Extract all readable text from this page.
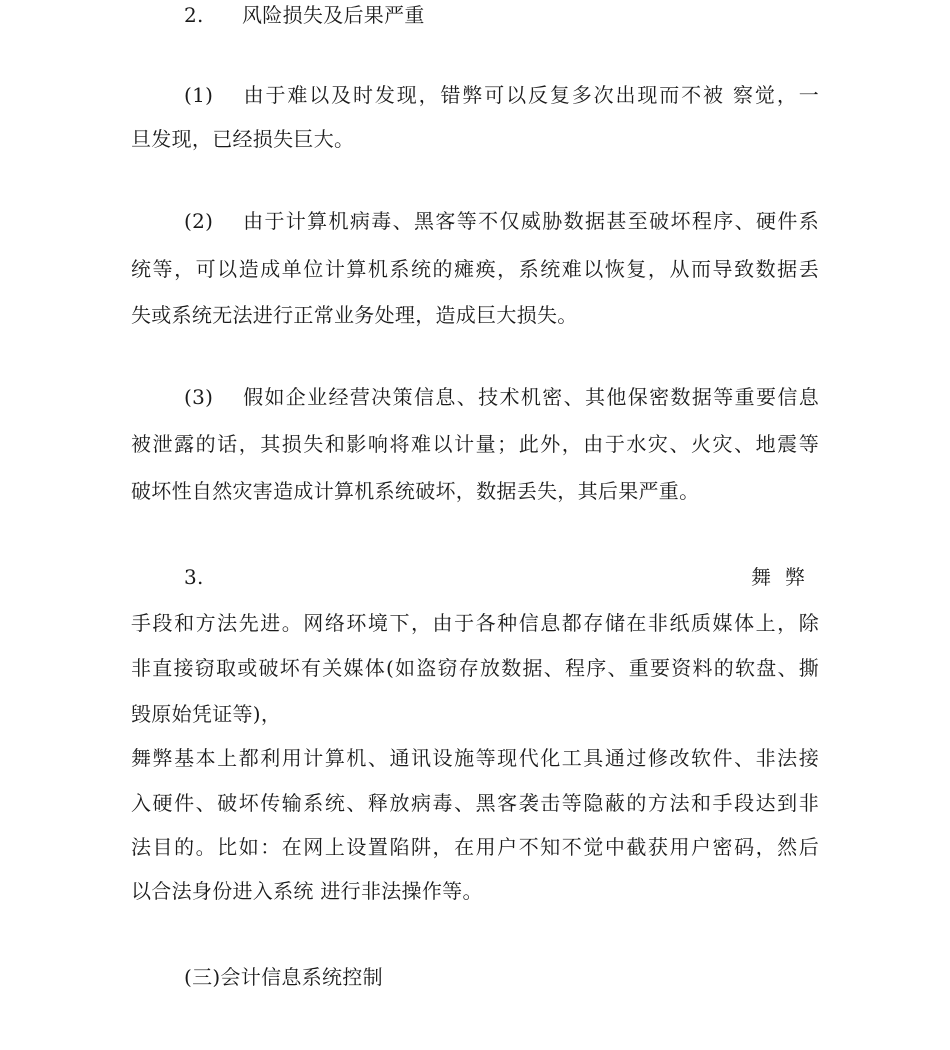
2. 风险损失及后果严重
(1) 由于难以及时发现，错弊可以反复多次出现而不被 察觉，一
旦发现，已经损失巨大。
(2) 由于计算机病毒、黑客等不仅威胁数据甚至破坏程序、硬件系
统等，可以造成单位计算机系统的瘫痪，系统难以恢复，从而导致数据丢
失或系统无法进行正常业务处理，造成巨大损失。
(3) 假如企业经营决策信息、技术机密、其他保密数据等重要信息
被泄露的话，其损失和影响将难以计量；此外，由于水灾、火灾、地震等
破坏性自然灾害造成计算机系统破坏，数据丢失，其后果严重。
3.	舞弊
手段和方法先进。网络环境下，由于各种信息都存储在非纸质媒体上，除
非直接窃取或破坏有关媒体(如盗窃存放数据、程序、重要资料的软盘、撕
毁原始凭证等)，
舞弊基本上都利用计算机、通讯设施等现代化工具通过修改软件、非法接
入硬件、破坏传输系统、释放病毒、黑客袭击等隐蔽的方法和手段达到非
法目的。比如：在网上设置陷阱，在用户不知不觉中截获用户密码，然后
以合法身份进入系统 进行非法操作等。
(三)会计信息系统控制
